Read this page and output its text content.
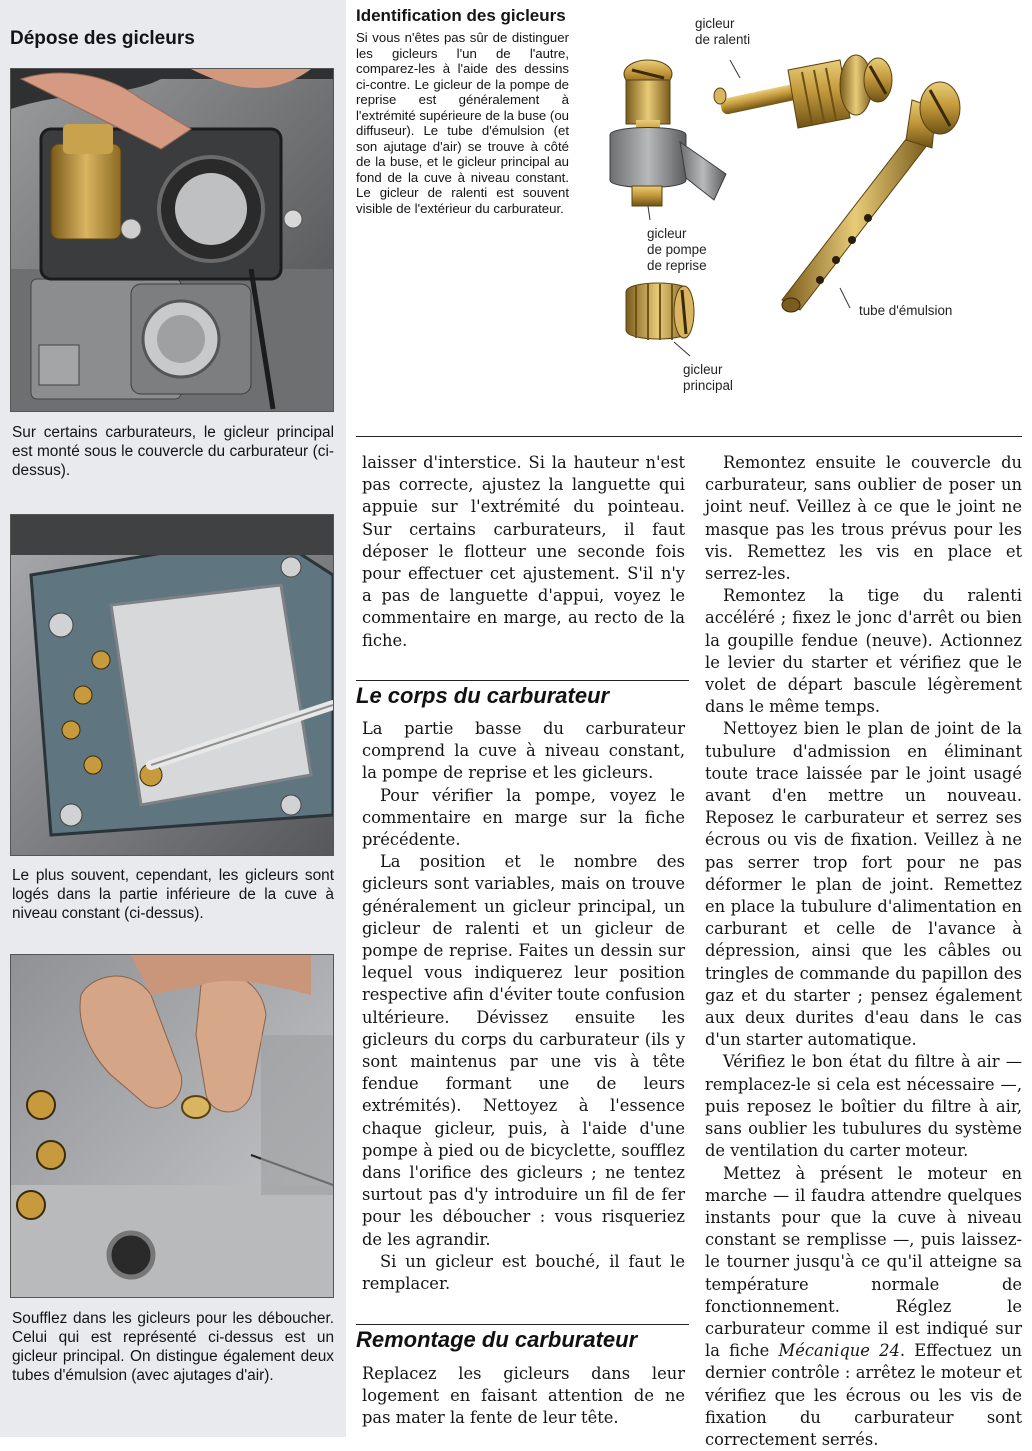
Dépose des gicleurs

Sur certains carburateurs, le gicleur principal est monté sous le couvercle du carburateur (ci-dessus).

Le plus souvent, cependant, les gicleurs sont logés dans la partie inférieure de la cuve à niveau constant (ci-dessus).

Soufflez dans les gicleurs pour les déboucher. Celui qui est représenté ci-dessus est un gicleur principal. On distingue également deux tubes d'émulsion (avec ajutages d'air).

Identification des gicleurs

Si vous n'êtes pas sûr de distinguer les gicleurs l'un de l'autre, comparez-les à l'aide des dessins ci-contre. Le gicleur de la pompe de reprise est généralement à l'extrémité supérieure de la buse (ou diffuseur). Le tube d'émulsion (et son ajutage d'air) se trouve à côté de la buse, et le gicleur principal au fond de la cuve à niveau constant. Le gicleur de ralenti est souvent visible de l'extérieur du carburateur.

gicleur
de ralenti
gicleur
de pompe
de reprise
tube d'émulsion
gicleur
principal

laisser d'interstice. Si la hauteur n'est pas correcte, ajustez la languette qui appuie sur l'extrémité du pointeau. Sur certains carburateurs, il faut déposer le flotteur une seconde fois pour effectuer cet ajustement. S'il n'y a pas de languette d'appui, voyez le commentaire en marge, au recto de la fiche.

Le corps du carburateur

La partie basse du carburateur comprend la cuve à niveau constant, la pompe de reprise et les gicleurs.

Pour vérifier la pompe, voyez le commentaire en marge sur la fiche précédente.

La position et le nombre des gicleurs sont variables, mais on trouve généralement un gicleur principal, un gicleur de ralenti et un gicleur de pompe de reprise. Faites un dessin sur lequel vous indiquerez leur position respective afin d'éviter toute confusion ultérieure. Dévissez ensuite les gicleurs du corps du carburateur (ils y sont maintenus par une vis à tête fendue formant une de leurs extrémités). Nettoyez à l'essence chaque gicleur, puis, à l'aide d'une pompe à pied ou de bicyclette, soufflez dans l'orifice des gicleurs ; ne tentez surtout pas d'y introduire un fil de fer pour les déboucher : vous risqueriez de les agrandir.

Si un gicleur est bouché, il faut le remplacer.

Remontage du carburateur

Replacez les gicleurs dans leur logement en faisant attention de ne pas mater la fente de leur tête.

Remontez ensuite le couvercle du carburateur, sans oublier de poser un joint neuf. Veillez à ce que le joint ne masque pas les trous prévus pour les vis. Remettez les vis en place et serrez-les.

Remontez la tige du ralenti accéléré ; fixez le jonc d'arrêt ou bien la goupille fendue (neuve). Actionnez le levier du starter et vérifiez que le volet de départ bascule légèrement dans le même temps.

Nettoyez bien le plan de joint de la tubulure d'admission en éliminant toute trace laissée par le joint usagé avant d'en mettre un nouveau. Reposez le carburateur et serrez ses écrous ou vis de fixation. Veillez à ne pas serrer trop fort pour ne pas déformer le plan de joint. Remettez en place la tubulure d'alimentation en carburant et celle de l'avance à dépression, ainsi que les câbles ou tringles de commande du papillon des gaz et du starter ; pensez également aux deux durites d'eau dans le cas d'un starter automatique.

Vérifiez le bon état du filtre à air — remplacez-le si cela est nécessaire —, puis reposez le boîtier du filtre à air, sans oublier les tubulures du système de ventilation du carter moteur.

Mettez à présent le moteur en marche — il faudra attendre quelques instants pour que la cuve à niveau constant se remplisse —, puis laissez-le tourner jusqu'à ce qu'il atteigne sa température normale de fonctionnement. Réglez le carburateur comme il est indiqué sur la fiche Mécanique 24. Effectuez un dernier contrôle : arrêtez le moteur et vérifiez que les écrous ou les vis de fixation du carburateur sont correctement serrés.
